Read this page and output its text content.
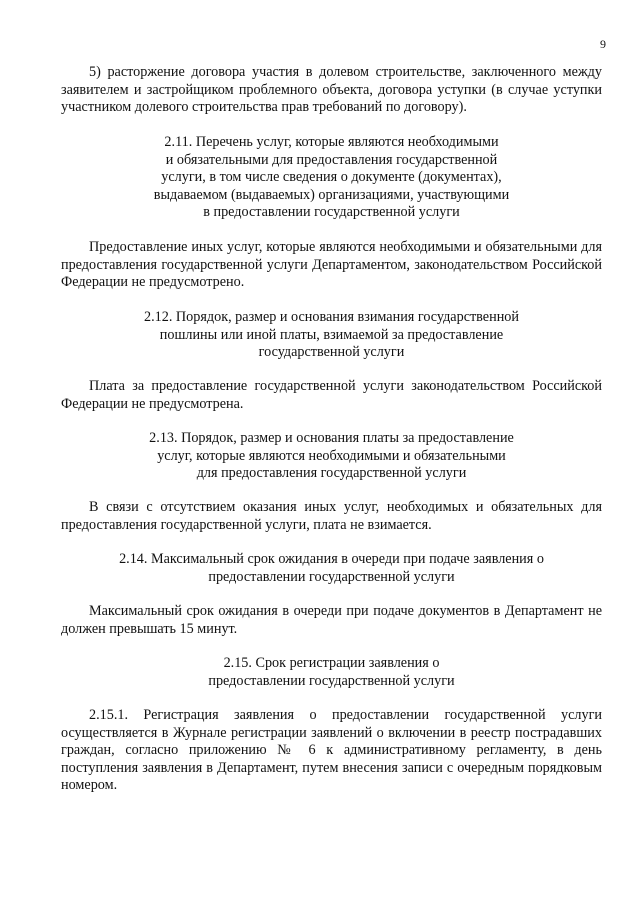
9

5) расторжение договора участия в долевом строительстве, заключенного между заявителем и застройщиком проблемного объекта, договора уступки (в случае уступки участником долевого строительства прав требований по договору).

2.11. Перечень услуг, которые являются необходимыми
и обязательными для предоставления государственной
услуги, в том числе сведения о документе (документах),
выдаваемом (выдаваемых) организациями, участвующими
в предоставлении государственной услуги

Предоставление иных услуг, которые являются необходимыми и обязательными для предоставления государственной услуги Департаментом, законодательством Российской Федерации не предусмотрено.

2.12. Порядок, размер и основания взимания государственной
пошлины или иной платы, взимаемой за предоставление
государственной услуги

Плата за предоставление государственной услуги законодательством Российской Федерации не предусмотрена.

2.13. Порядок, размер и основания платы за предоставление
услуг, которые являются необходимыми и обязательными
для предоставления государственной услуги

В связи с отсутствием оказания иных услуг, необходимых и обязательных для предоставления государственной услуги, плата не взимается.

2.14. Максимальный срок ожидания в очереди при подаче заявления о
предоставлении государственной услуги

Максимальный срок ожидания в очереди при подаче документов в Департамент не должен превышать 15 минут.

2.15. Срок регистрации заявления о
предоставлении государственной услуги

2.15.1. Регистрация заявления о предоставлении государственной услуги осуществляется в Журнале регистрации заявлений о включении в реестр пострадавших граждан, согласно приложению № 6 к административному регламенту, в день поступления заявления в Департамент, путем внесения записи с очередным порядковым номером.
